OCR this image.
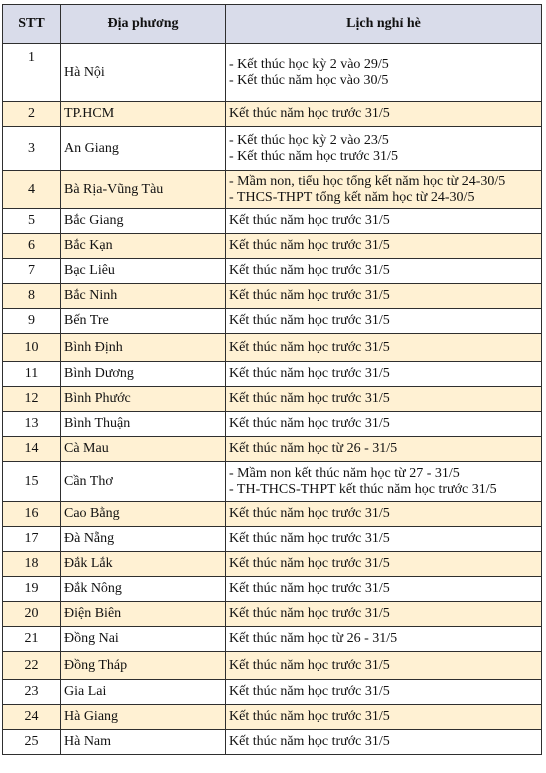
STT	Địa phương	Lịch nghỉ hè
1	Hà Nội	- Kết thúc học kỳ 2 vào 29/5
- Kết thúc năm học vào 30/5

2	TP.HCM	Kết thúc năm học trước 31/5

3	An Giang	- Kết thúc học kỳ 2 vào 23/5
- Kết thúc năm học trước 31/5

4	Bà Rịa-Vũng Tàu	- Mầm non, tiểu học tổng kết năm học từ 24-30/5
- THCS-THPT tổng kết năm học từ 24-30/5

5	Bắc Giang	Kết thúc năm học trước 31/5

6	Bắc Kạn	Kết thúc năm học trước 31/5

7	Bạc Liêu	Kết thúc năm học trước 31/5

8	Bắc Ninh	Kết thúc năm học trước 31/5

9	Bến Tre	Kết thúc năm học trước 31/5

10	Bình Định	Kết thúc năm học trước 31/5

11	Bình Dương	Kết thúc năm học trước 31/5

12	Bình Phước	Kết thúc năm học trước 31/5

13	Bình Thuận	Kết thúc năm học trước 31/5

14	Cà Mau	Kết thúc năm học từ 26 - 31/5

15	Cần Thơ	- Mầm non kết thúc năm học từ 27 - 31/5
- TH-THCS-THPT kết thúc năm học trước 31/5

16	Cao Bằng	Kết thúc năm học trước 31/5

17	Đà Nẵng	Kết thúc năm học trước 31/5

18	Đắk Lắk	Kết thúc năm học trước 31/5

19	Đắk Nông	Kết thúc năm học trước 31/5

20	Điện Biên	Kết thúc năm học trước 31/5

21	Đồng Nai	Kết thúc năm học từ 26 - 31/5

22	Đồng Tháp	Kết thúc năm học trước 31/5

23	Gia Lai	Kết thúc năm học trước 31/5

24	Hà Giang	Kết thúc năm học trước 31/5

25	Hà Nam	Kết thúc năm học trước 31/5
